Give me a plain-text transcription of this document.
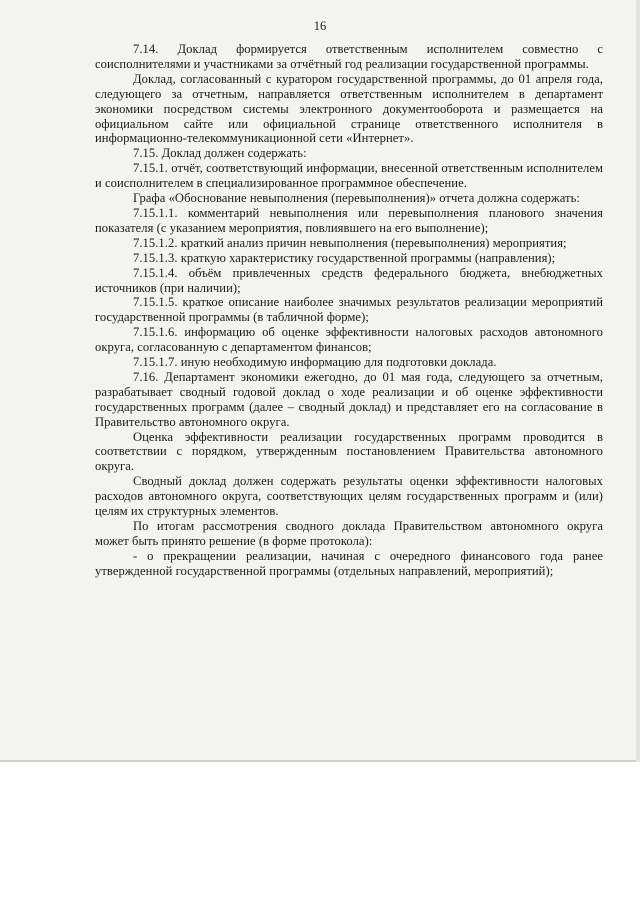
16

7.14. Доклад формируется ответственным исполнителем совместно с соисполнителями и участниками за отчётный год реализации государственной программы.

Доклад, согласованный с куратором государственной программы, до 01 апреля года, следующего за отчетным, направляется ответственным исполнителем в департамент экономики посредством системы электронного документооборота и размещается на официальном сайте или официальной странице ответственного исполнителя в информационно-телекоммуникационной сети «Интернет».

7.15. Доклад должен содержать:

7.15.1. отчёт, соответствующий информации, внесенной ответственным исполнителем и соисполнителем в специализированное программное обеспечение.

Графа «Обоснование невыполнения (перевыполнения)» отчета должна содержать:

7.15.1.1. комментарий невыполнения или перевыполнения планового значения показателя (с указанием мероприятия, повлиявшего на его выполнение);

7.15.1.2. краткий анализ причин невыполнения (перевыполнения) мероприятия;

7.15.1.3. краткую характеристику государственной программы (направления);

7.15.1.4. объём привлеченных средств федерального бюджета, внебюджетных источников (при наличии);

7.15.1.5. краткое описание наиболее значимых результатов реализации мероприятий государственной программы (в табличной форме);

7.15.1.6. информацию об оценке эффективности налоговых расходов автономного округа, согласованную с департаментом финансов;

7.15.1.7. иную необходимую информацию для подготовки доклада.

7.16. Департамент экономики ежегодно, до 01 мая года, следующего за отчетным, разрабатывает сводный годовой доклад о ходе реализации и об оценке эффективности государственных программ (далее – сводный доклад) и представляет его на согласование в Правительство автономного округа.

Оценка эффективности реализации государственных программ проводится в соответствии с порядком, утвержденным постановлением Правительства автономного округа.

Сводный доклад должен содержать результаты оценки эффективности налоговых расходов автономного округа, соответствующих целям государственных программ и (или) целям их структурных элементов.

По итогам рассмотрения сводного доклада Правительством автономного округа может быть принято решение (в форме протокола):

- о прекращении реализации, начиная с очередного финансового года ранее утвержденной государственной программы (отдельных направлений, мероприятий);
